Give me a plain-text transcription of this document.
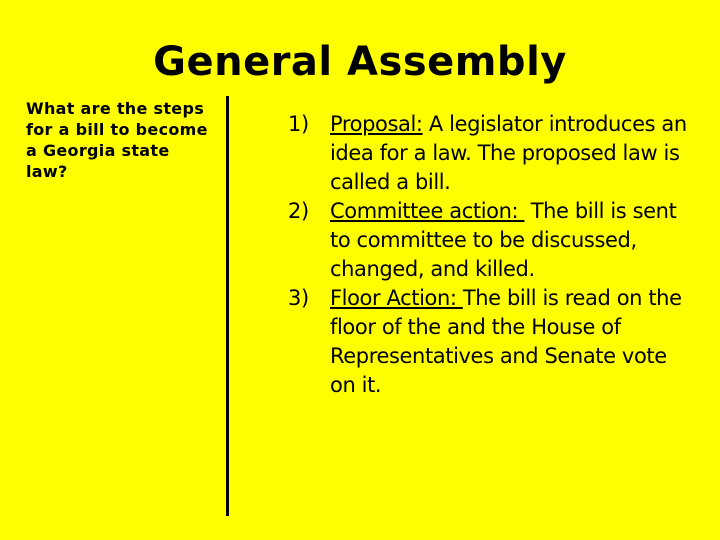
General Assembly
What are the steps for a bill to become a Georgia state law?
1) Proposal: A legislator introduces an idea for a law. The proposed law is called a bill.
2) Committee action:  The bill is sent to committee to be discussed, changed, and killed.
3) Floor Action: The bill is read on the floor of the and the House of Representatives and Senate vote on it.
